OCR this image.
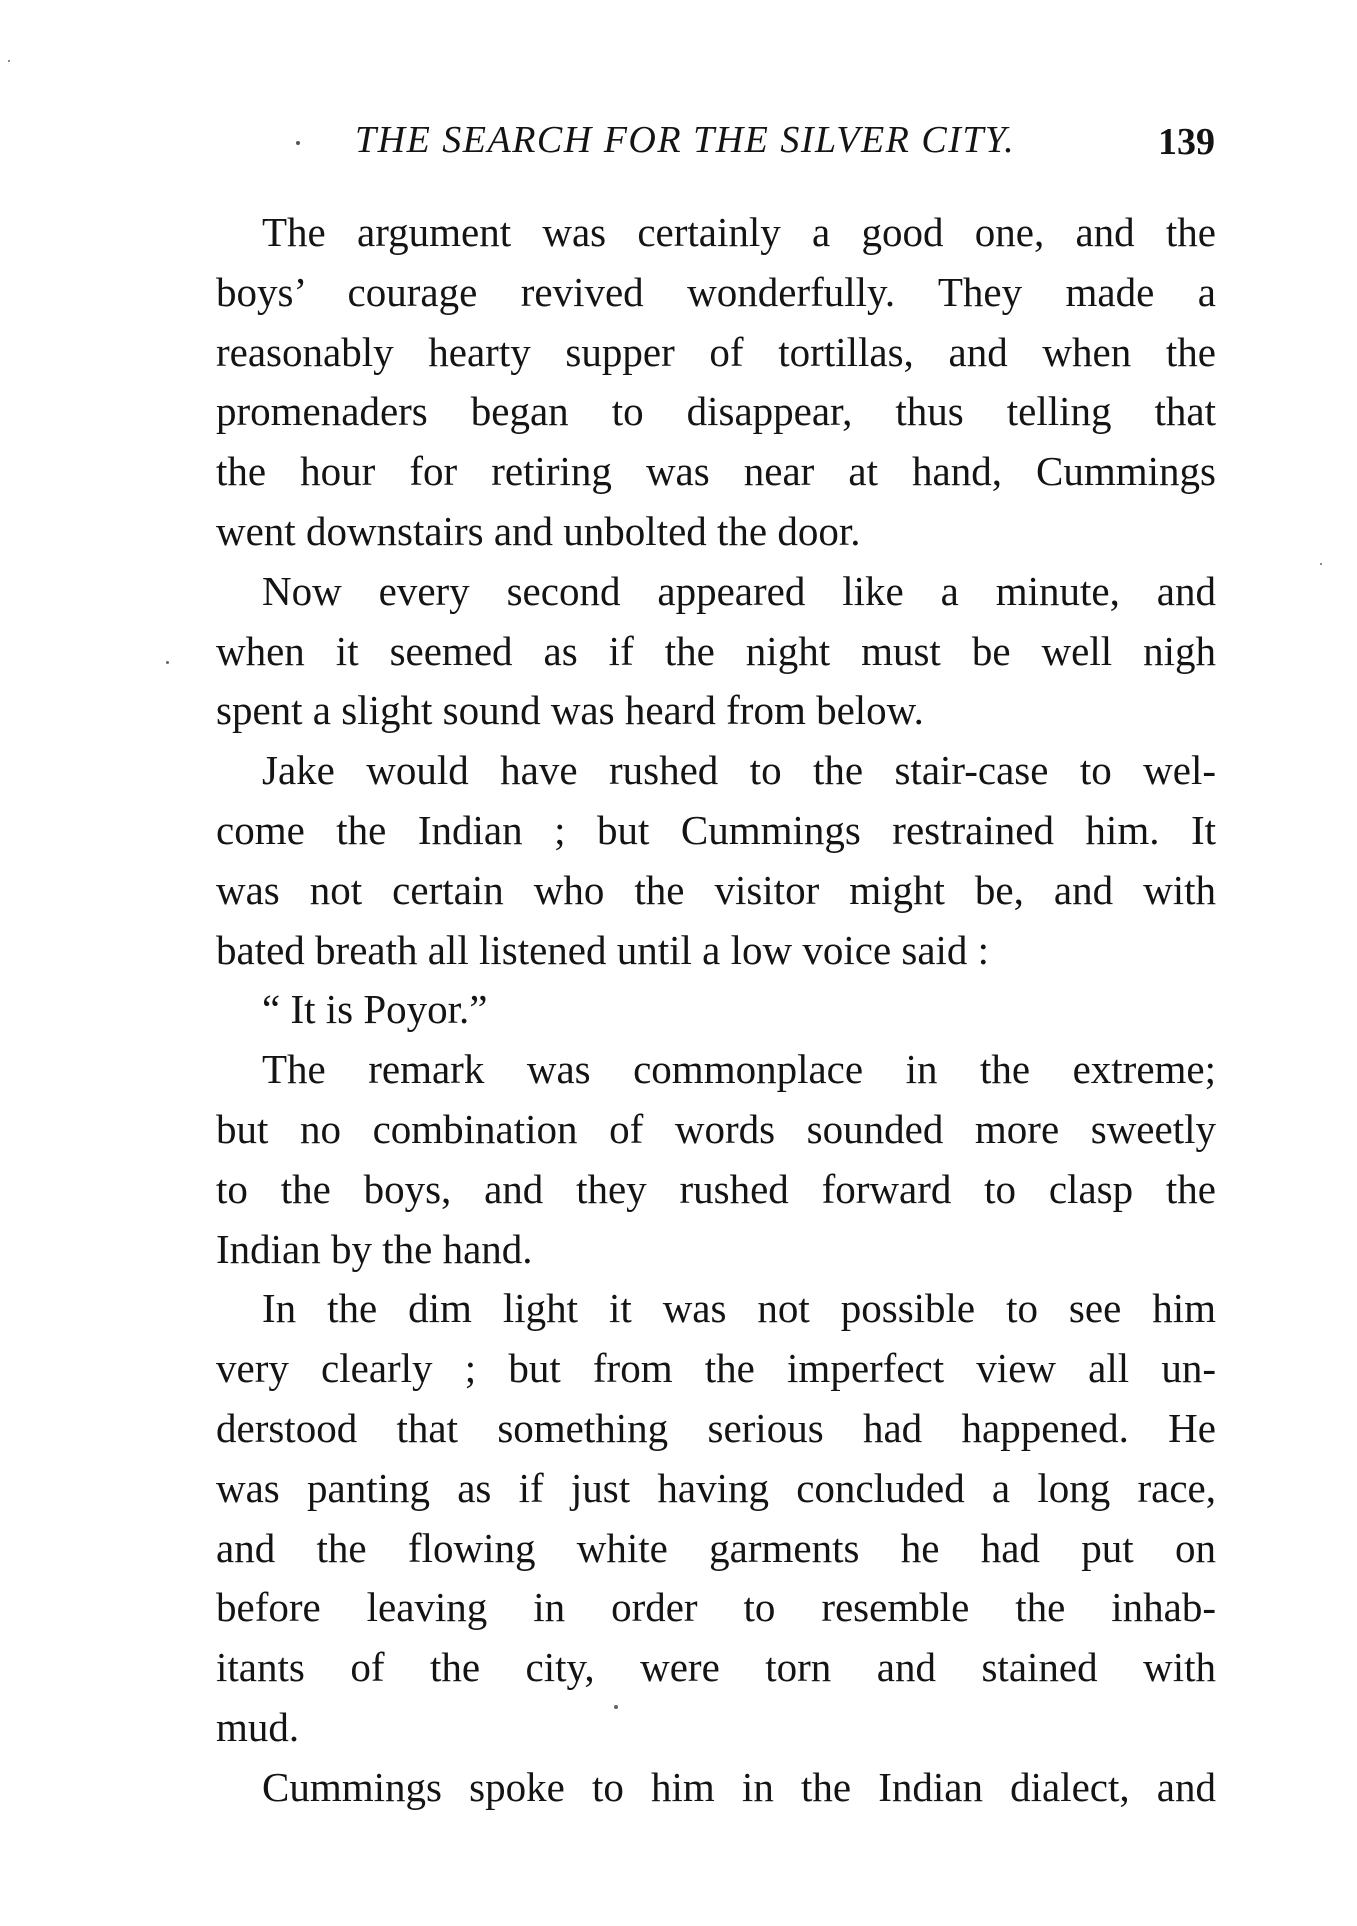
THE SEARCH FOR THE SILVER CITY.	139
The argument was certainly a good one, and the
boys’ courage revived wonderfully. They made a
reasonably hearty supper of tortillas, and when the
promenaders began to disappear, thus telling that
the hour for retiring was near at hand, Cummings
went downstairs and unbolted the door.
Now every second appeared like a minute, and
when it seemed as if the night must be well nigh
spent a slight sound was heard from below.
Jake would have rushed to the stair-case to wel-
come the Indian ; but Cummings restrained him. It
was not certain who the visitor might be, and with
bated breath all listened until a low voice said :
“ It is Poyor.”
The remark was commonplace in the extreme;
but no combination of words sounded more sweetly
to the boys, and they rushed forward to clasp the
Indian by the hand.
In the dim light it was not possible to see him
very clearly ; but from the imperfect view all un-
derstood that something serious had happened. He
was panting as if just having concluded a long race,
and the flowing white garments he had put on
before leaving in order to resemble the inhab-
itants of the city, were torn and stained with
mud.
Cummings spoke to him in the Indian dialect, and
